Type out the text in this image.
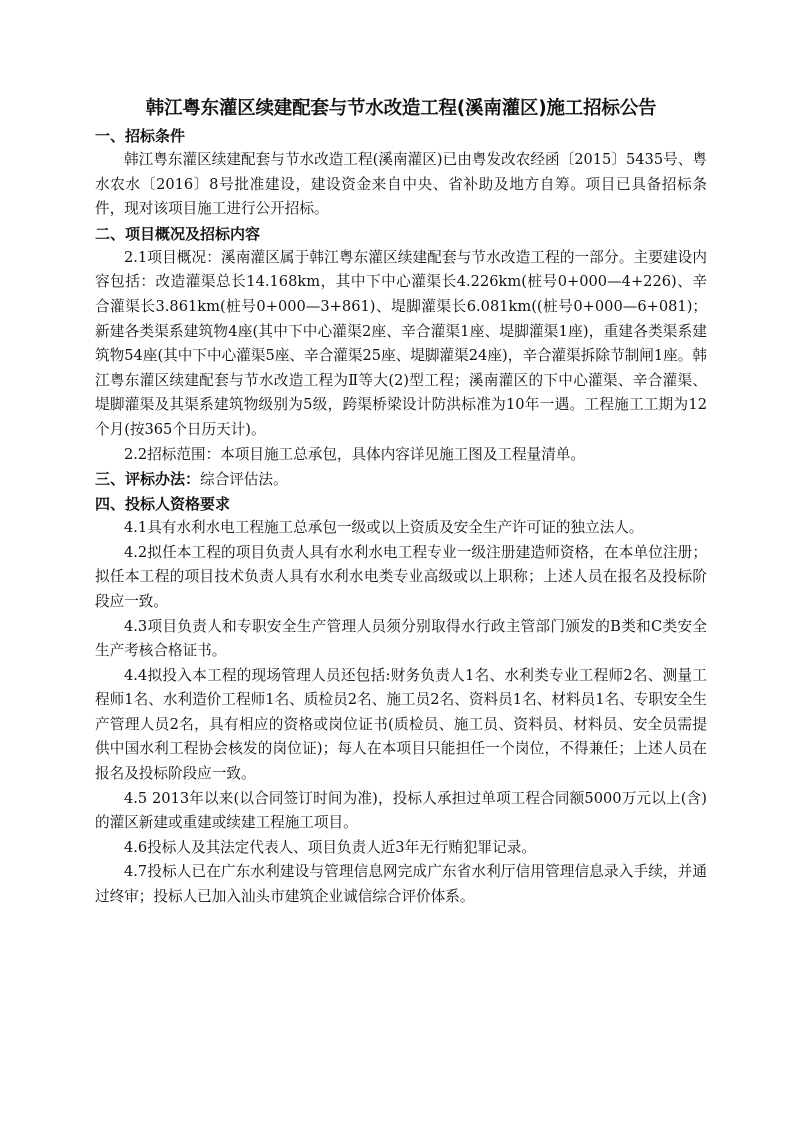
韩江粤东灌区续建配套与节水改造工程(溪南灌区)施工招标公告
一、招标条件

韩江粤东灌区续建配套与节水改造工程(溪南灌区)已由粤发改农经函〔2015〕5435号、粤水农水〔2016〕8号批准建设，建设资金来自中央、省补助及地方自筹。项目已具备招标条件，现对该项目施工进行公开招标。

二、项目概况及招标内容

2.1项目概况：溪南灌区属于韩江粤东灌区续建配套与节水改造工程的一部分。主要建设内容包括：改造灌渠总长14.168km，其中下中心灌渠长4.226km(桩号0+000—4+226)、辛合灌渠长3.861km(桩号0+000—3+861)、堤脚灌渠长6.081km((桩号0+000—6+081)；新建各类渠系建筑物4座(其中下中心灌渠2座、辛合灌渠1座、堤脚灌渠1座)，重建各类渠系建筑物54座(其中下中心灌渠5座、辛合灌渠25座、堤脚灌渠24座)，辛合灌渠拆除节制闸1座。韩江粤东灌区续建配套与节水改造工程为Ⅱ等大(2)型工程；溪南灌区的下中心灌渠、辛合灌渠、堤脚灌渠及其渠系建筑物级别为5级，跨渠桥梁设计防洪标准为10年一遇。工程施工工期为12个月(按365个日历天计)。

2.2招标范围：本项目施工总承包，具体内容详见施工图及工程量清单。

三、评标办法：综合评估法。
四、投标人资格要求

4.1具有水利水电工程施工总承包一级或以上资质及安全生产许可证的独立法人。

4.2拟任本工程的项目负责人具有水利水电工程专业一级注册建造师资格，在本单位注册；拟任本工程的项目技术负责人具有水利水电类专业高级或以上职称；上述人员在报名及投标阶段应一致。

4.3项目负责人和专职安全生产管理人员须分别取得水行政主管部门颁发的B类和C类安全生产考核合格证书。

4.4拟投入本工程的现场管理人员还包括:财务负责人1名、水利类专业工程师2名、测量工程师1名、水利造价工程师1名、质检员2名、施工员2名、资料员1名、材料员1名、专职安全生产管理人员2名，具有相应的资格或岗位证书(质检员、施工员、资料员、材料员、安全员需提供中国水利工程协会核发的岗位证)；每人在本项目只能担任一个岗位，不得兼任；上述人员在报名及投标阶段应一致。

4.5 2013年以来(以合同签订时间为准)，投标人承担过单项工程合同额5000万元以上(含)的灌区新建或重建或续建工程施工项目。

4.6投标人及其法定代表人、项目负责人近3年无行贿犯罪记录。

4.7投标人已在广东水利建设与管理信息网完成广东省水利厅信用管理信息录入手续，并通过终审；投标人已加入汕头市建筑企业诚信综合评价体系。
